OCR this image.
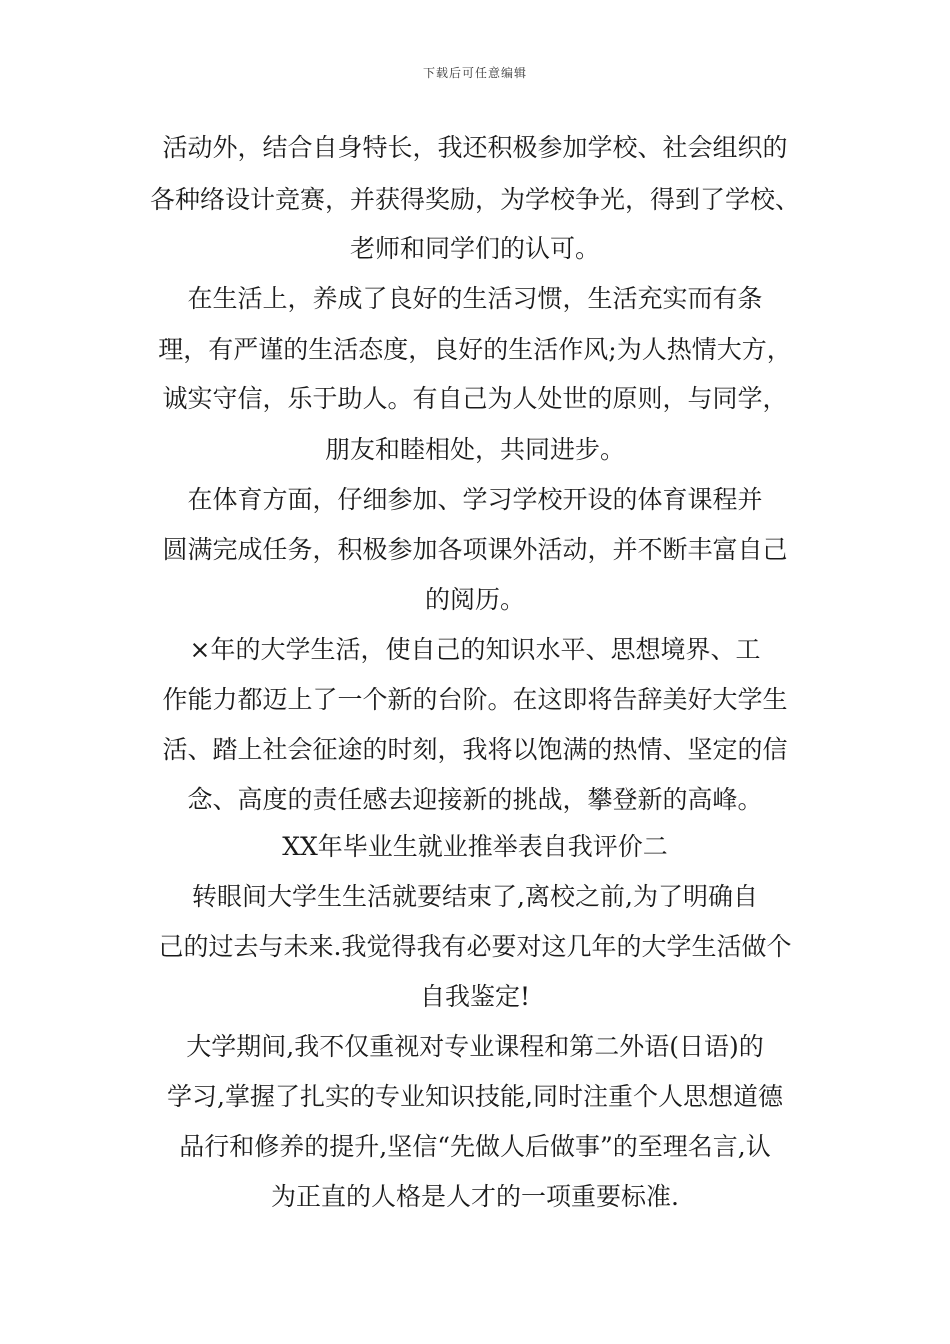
下载后可任意编辑
活动外，结合自身特长，我还积极参加学校、社会组织的
各种络设计竞赛，并获得奖励，为学校争光，得到了学校、
老师和同学们的认可。
在生活上，养成了良好的生活习惯，生活充实而有条
理，有严谨的生活态度，良好的生活作风;为人热情大方，
诚实守信，乐于助人。有自己为人处世的原则，与同学，
朋友和睦相处，共同进步。
在体育方面，仔细参加、学习学校开设的体育课程并
圆满完成任务，积极参加各项课外活动，并不断丰富自己
的阅历。
×年的大学生活，使自己的知识水平、思想境界、工
作能力都迈上了一个新的台阶。在这即将告辞美好大学生
活、踏上社会征途的时刻，我将以饱满的热情、坚定的信
念、高度的责任感去迎接新的挑战，攀登新的高峰。
XX年毕业生就业推举表自我评价二
转眼间大学生生活就要结束了,离校之前,为了明确自
己的过去与未来.我觉得我有必要对这几年的大学生活做个
自我鉴定!
大学期间,我不仅重视对专业课程和第二外语(日语)的
学习,掌握了扎实的专业知识技能,同时注重个人思想道德
品行和修养的提升,坚信“先做人后做事”的至理名言,认
为正直的人格是人才的一项重要标准.
